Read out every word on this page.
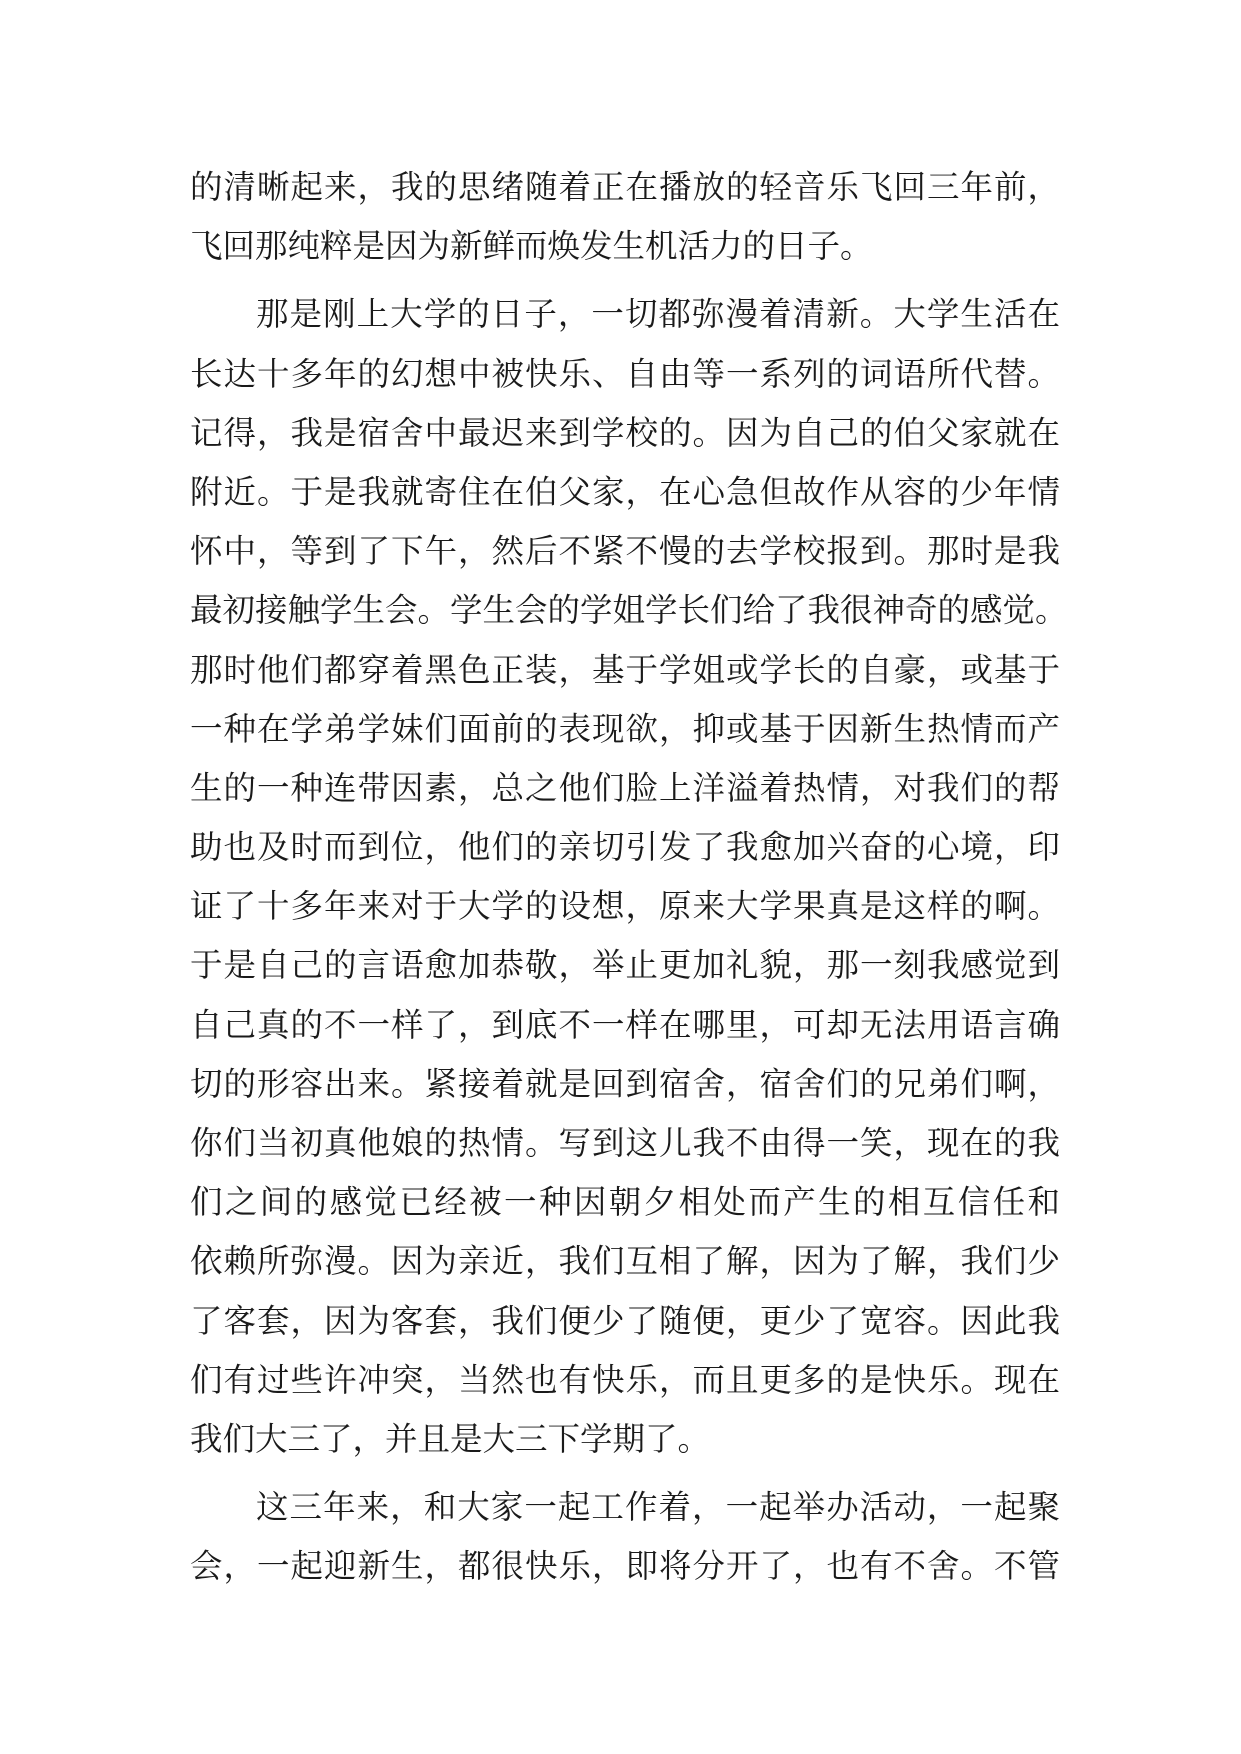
的清晰起来，我的思绪随着正在播放的轻音乐飞回三年前，
飞回那纯粹是因为新鲜而焕发生机活力的日子。
那是刚上大学的日子，一切都弥漫着清新。大学生活在
长达十多年的幻想中被快乐、自由等一系列的词语所代替。
记得，我是宿舍中最迟来到学校的。因为自己的伯父家就在
附近。于是我就寄住在伯父家，在心急但故作从容的少年情
怀中，等到了下午，然后不紧不慢的去学校报到。那时是我
最初接触学生会。学生会的学姐学长们给了我很神奇的感觉。
那时他们都穿着黑色正装，基于学姐或学长的自豪，或基于
一种在学弟学妹们面前的表现欲，抑或基于因新生热情而产
生的一种连带因素，总之他们脸上洋溢着热情，对我们的帮
助也及时而到位，他们的亲切引发了我愈加兴奋的心境，印
证了十多年来对于大学的设想，原来大学果真是这样的啊。
于是自己的言语愈加恭敬，举止更加礼貌，那一刻我感觉到
自己真的不一样了，到底不一样在哪里，可却无法用语言确
切的形容出来。紧接着就是回到宿舍，宿舍们的兄弟们啊，
你们当初真他娘的热情。写到这儿我不由得一笑，现在的我
们之间的感觉已经被一种因朝夕相处而产生的相互信任和
依赖所弥漫。因为亲近，我们互相了解，因为了解，我们少
了客套，因为客套，我们便少了随便，更少了宽容。因此我
们有过些许冲突，当然也有快乐，而且更多的是快乐。现在
我们大三了，并且是大三下学期了。
这三年来，和大家一起工作着，一起举办活动，一起聚
会，一起迎新生，都很快乐，即将分开了，也有不舍。不管
